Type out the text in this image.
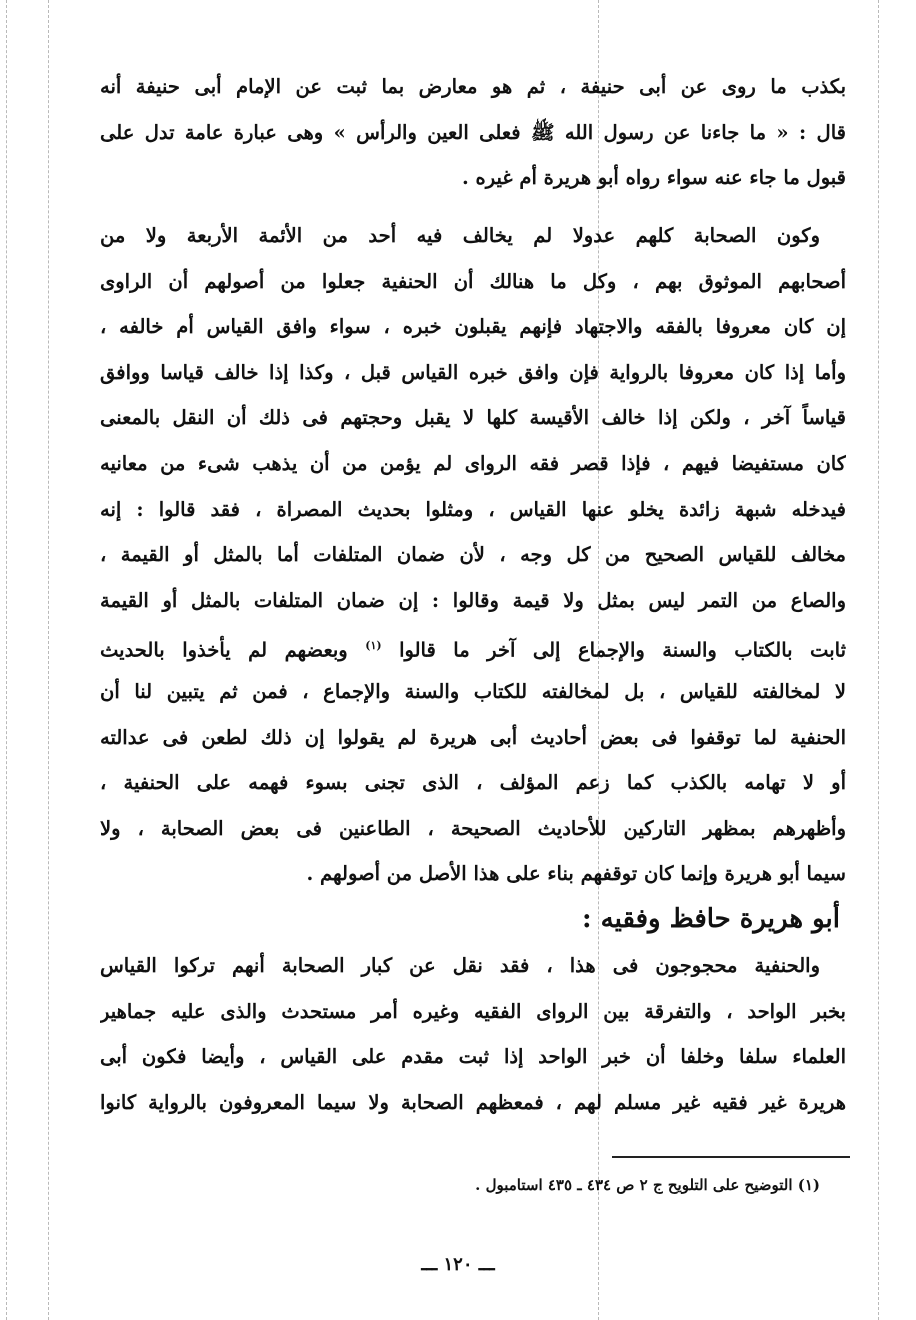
بكذب ما روى عن أبى حنيفة ، ثم هو معارض بما ثبت عن الإمام أبى حنيفة أنه
قال : « ما جاءنا عن رسول الله ﷺ فعلى العين والرأس » وهى عبارة عامة تدل على
قبول ما جاء عنه سواء رواه أبو هريرة أم غيره .
وكون الصحابة كلهم عدولا لم يخالف فيه أحد من الأئمة الأربعة ولا من
أصحابهم الموثوق بهم ، وكل ما هنالك أن الحنفية جعلوا من أصولهم أن الراوى
إن كان معروفا بالفقه والاجتهاد فإنهم يقبلون خبره ، سواء وافق القياس أم خالفه ،
وأما إذا كان معروفا بالرواية فإن وافق خبره القياس قبل ، وكذا إذا خالف قياسا ووافق
قياساً آخر ، ولكن إذا خالف الأقيسة كلها لا يقبل وحجتهم فى ذلك أن النقل بالمعنى
كان مستفيضا فيهم ، فإذا قصر فقه الرواى لم يؤمن من أن يذهب شىء من معانيه
فيدخله شبهة زائدة يخلو عنها القياس ، ومثلوا بحديث المصراة ، فقد قالوا : إنه
مخالف للقياس الصحيح من كل وجه ، لأن ضمان المتلفات أما بالمثل أو القيمة ،
والصاع من التمر ليس بمثل ولا قيمة وقالوا : إن ضمان المتلفات بالمثل أو القيمة
ثابت بالكتاب والسنة والإجماع إلى آخر ما قالوا $^{(١)}$ وبعضهم لم يأخذوا بالحديث
لا لمخالفته للقياس ، بل لمخالفته للكتاب والسنة والإجماع ، فمن ثم يتبين لنا أن
الحنفية لما توقفوا فى بعض أحاديث أبى هريرة لم يقولوا إن ذلك لطعن فى عدالته
أو لا تهامه بالكذب كما زعم المؤلف ، الذى تجنى بسوء فهمه على الحنفية ،
وأظهرهم بمظهر التاركين للأحاديث الصحيحة ، الطاعنين فى بعض الصحابة ، ولا
سيما أبو هريرة وإنما كان توقفهم بناء على هذا الأصل من أصولهم .
أبو هريرة حافظ وفقيه :
والحنفية محجوجون فى هذا ، فقد نقل عن كبار الصحابة أنهم تركوا القياس
بخبر الواحد ، والتفرقة بين الرواى الفقيه وغيره أمر مستحدث والذى عليه جماهير
العلماء سلفا وخلفا أن خبر الواحد إذا ثبت مقدم على القياس ، وأيضا فكون أبى
هريرة غير فقيه غير مسلم لهم ، فمعظهم الصحابة ولا سيما المعروفون بالرواية كانوا
(١) التوضيح على التلويح ج ٢ ص ٤٣٤ ـ ٤٣٥ استامبول .
ـــ ١٢٠ ـــ
